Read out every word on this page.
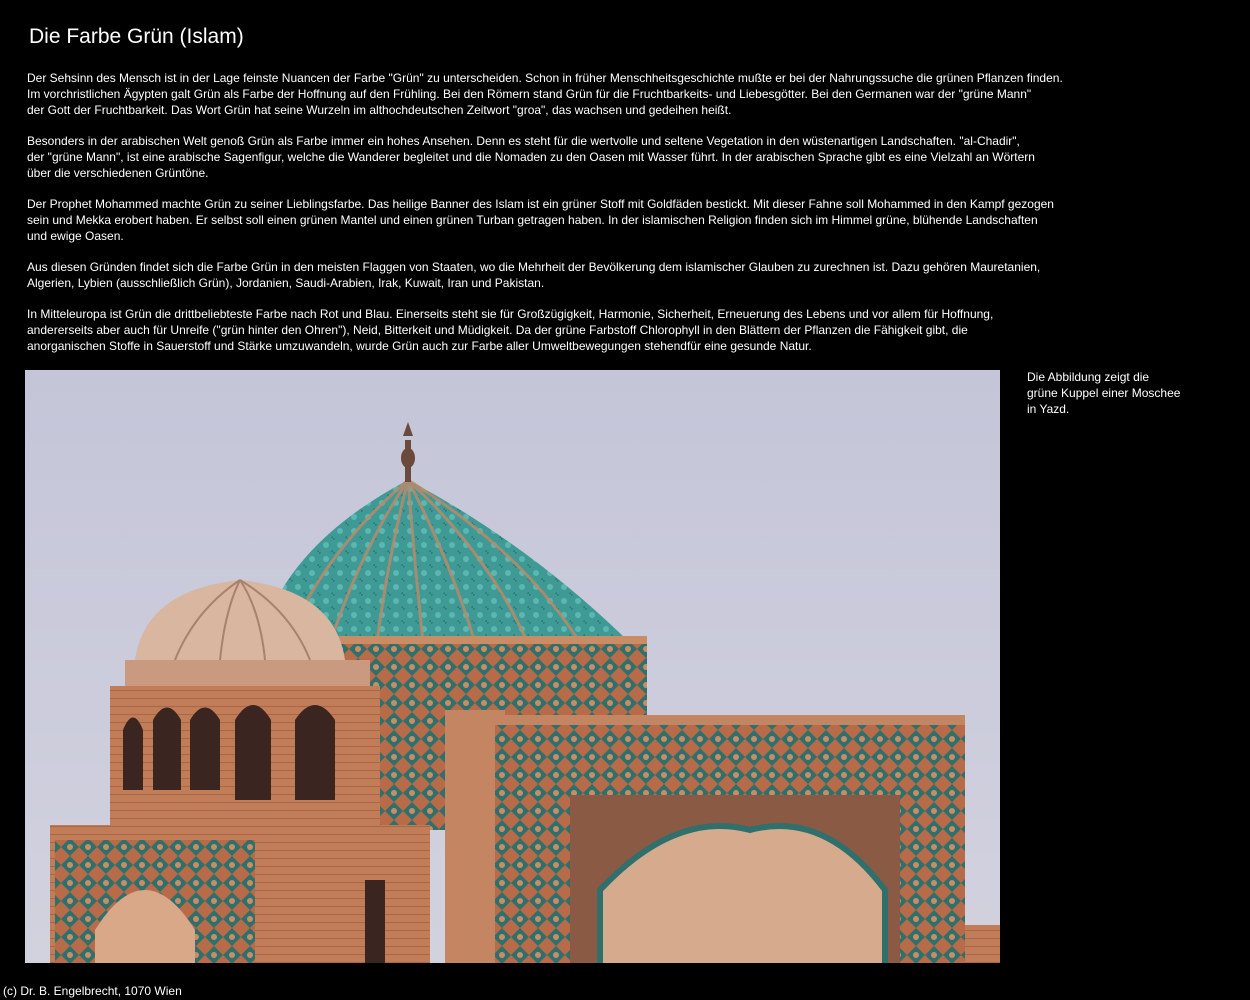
Die Farbe Grün (Islam)

Der Sehsinn des Mensch ist in der Lage feinste Nuancen der Farbe "Grün" zu unterscheiden. Schon in früher Menschheitsgeschichte mußte er bei der Nahrungssuche die grünen Pflanzen finden.
Im vorchristlichen Ägypten galt Grün als Farbe der Hoffnung auf den Frühling. Bei den Römern stand Grün für die Fruchtbarkeits- und Liebesgötter. Bei den Germanen war der "grüne Mann"
der Gott der Fruchtbarkeit. Das Wort Grün hat seine Wurzeln im althochdeutschen Zeitwort "groa", das wachsen und gedeihen heißt.

Besonders in der arabischen Welt genoß Grün als Farbe immer ein hohes Ansehen. Denn es steht für die wertvolle und seltene Vegetation in den wüstenartigen Landschaften. "al-Chadir",
der "grüne Mann", ist eine arabische Sagenfigur, welche die Wanderer begleitet und die Nomaden zu den Oasen mit Wasser führt. In der arabischen Sprache gibt es eine Vielzahl an Wörtern
über die verschiedenen Grüntöne.

Der Prophet Mohammed machte Grün zu seiner Lieblingsfarbe. Das heilige Banner des Islam ist ein grüner Stoff mit Goldfäden bestickt. Mit dieser Fahne soll Mohammed in den Kampf gezogen
sein und Mekka erobert haben. Er selbst soll einen grünen Mantel und einen grünen Turban getragen haben. In der islamischen Religion finden sich im Himmel grüne, blühende Landschaften
und ewige Oasen.

Aus diesen Gründen findet sich die Farbe Grün in den meisten Flaggen von Staaten, wo die Mehrheit der Bevölkerung dem islamischer Glauben zu zurechnen ist. Dazu gehören Mauretanien,
Algerien, Lybien (ausschließlich Grün), Jordanien, Saudi-Arabien, Irak, Kuwait, Iran und Pakistan.

In Mitteleuropa ist Grün die drittbeliebteste Farbe nach Rot und Blau. Einerseits steht sie für Großzügigkeit, Harmonie, Sicherheit, Erneuerung des Lebens und vor allem für Hoffnung,
andererseits aber auch für Unreife ("grün hinter den Ohren"), Neid, Bitterkeit und Müdigkeit. Da der grüne Farbstoff Chlorophyll in den Blättern der Pflanzen die Fähigkeit gibt, die
anorganischen Stoffe in Sauerstoff und Stärke umzuwandeln, wurde Grün auch zur Farbe aller Umweltbewegungen stehendfür eine gesunde Natur.

Die Abbildung zeigt die
grüne Kuppel einer Moschee
in Yazd.
(c) Dr. B. Engelbrecht, 1070 Wien
